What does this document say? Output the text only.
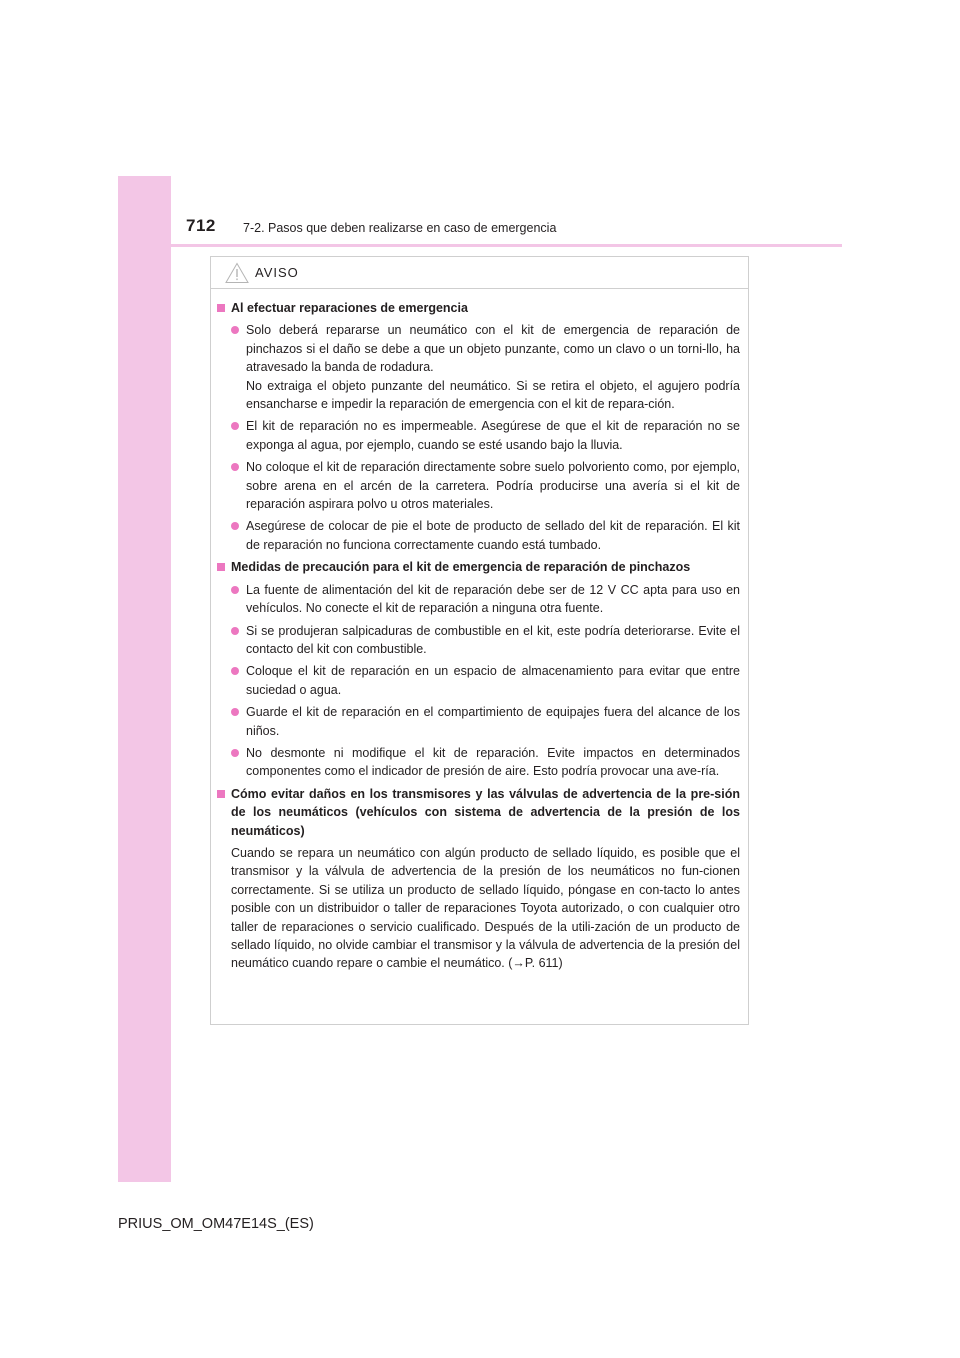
712 7-2. Pasos que deben realizarse en caso de emergencia
AVISO
Al efectuar reparaciones de emergencia
Solo deberá repararse un neumático con el kit de emergencia de reparación de pinchazos si el daño se debe a que un objeto punzante, como un clavo o un torni-llo, ha atravesado la banda de rodadura.
No extraiga el objeto punzante del neumático. Si se retira el objeto, el agujero podría ensancharse e impedir la reparación de emergencia con el kit de repara-ción.
El kit de reparación no es impermeable. Asegúrese de que el kit de reparación no se exponga al agua, por ejemplo, cuando se esté usando bajo la lluvia.
No coloque el kit de reparación directamente sobre suelo polvoriento como, por ejemplo, sobre arena en el arcén de la carretera. Podría producirse una avería si el kit de reparación aspirara polvo u otros materiales.
Asegúrese de colocar de pie el bote de producto de sellado del kit de reparación. El kit de reparación no funciona correctamente cuando está tumbado.
Medidas de precaución para el kit de emergencia de reparación de pinchazos
La fuente de alimentación del kit de reparación debe ser de 12 V CC apta para uso en vehículos. No conecte el kit de reparación a ninguna otra fuente.
Si se produjeran salpicaduras de combustible en el kit, este podría deteriorarse. Evite el contacto del kit con combustible.
Coloque el kit de reparación en un espacio de almacenamiento para evitar que entre suciedad o agua.
Guarde el kit de reparación en el compartimiento de equipajes fuera del alcance de los niños.
No desmonte ni modifique el kit de reparación. Evite impactos en determinados componentes como el indicador de presión de aire. Esto podría provocar una ave-ría.
Cómo evitar daños en los transmisores y las válvulas de advertencia de la pre-sión de los neumáticos (vehículos con sistema de advertencia de la presión de los neumáticos)
Cuando se repara un neumático con algún producto de sellado líquido, es posible que el transmisor y la válvula de advertencia de la presión de los neumáticos no fun-cionen correctamente. Si se utiliza un producto de sellado líquido, póngase en con-tacto lo antes posible con un distribuidor o taller de reparaciones Toyota autorizado, o con cualquier otro taller de reparaciones o servicio cualificado. Después de la utili-zación de un producto de sellado líquido, no olvide cambiar el transmisor y la válvula de advertencia de la presión del neumático cuando repare o cambie el neumático. (→P. 611)
PRIUS_OM_OM47E14S_(ES)
